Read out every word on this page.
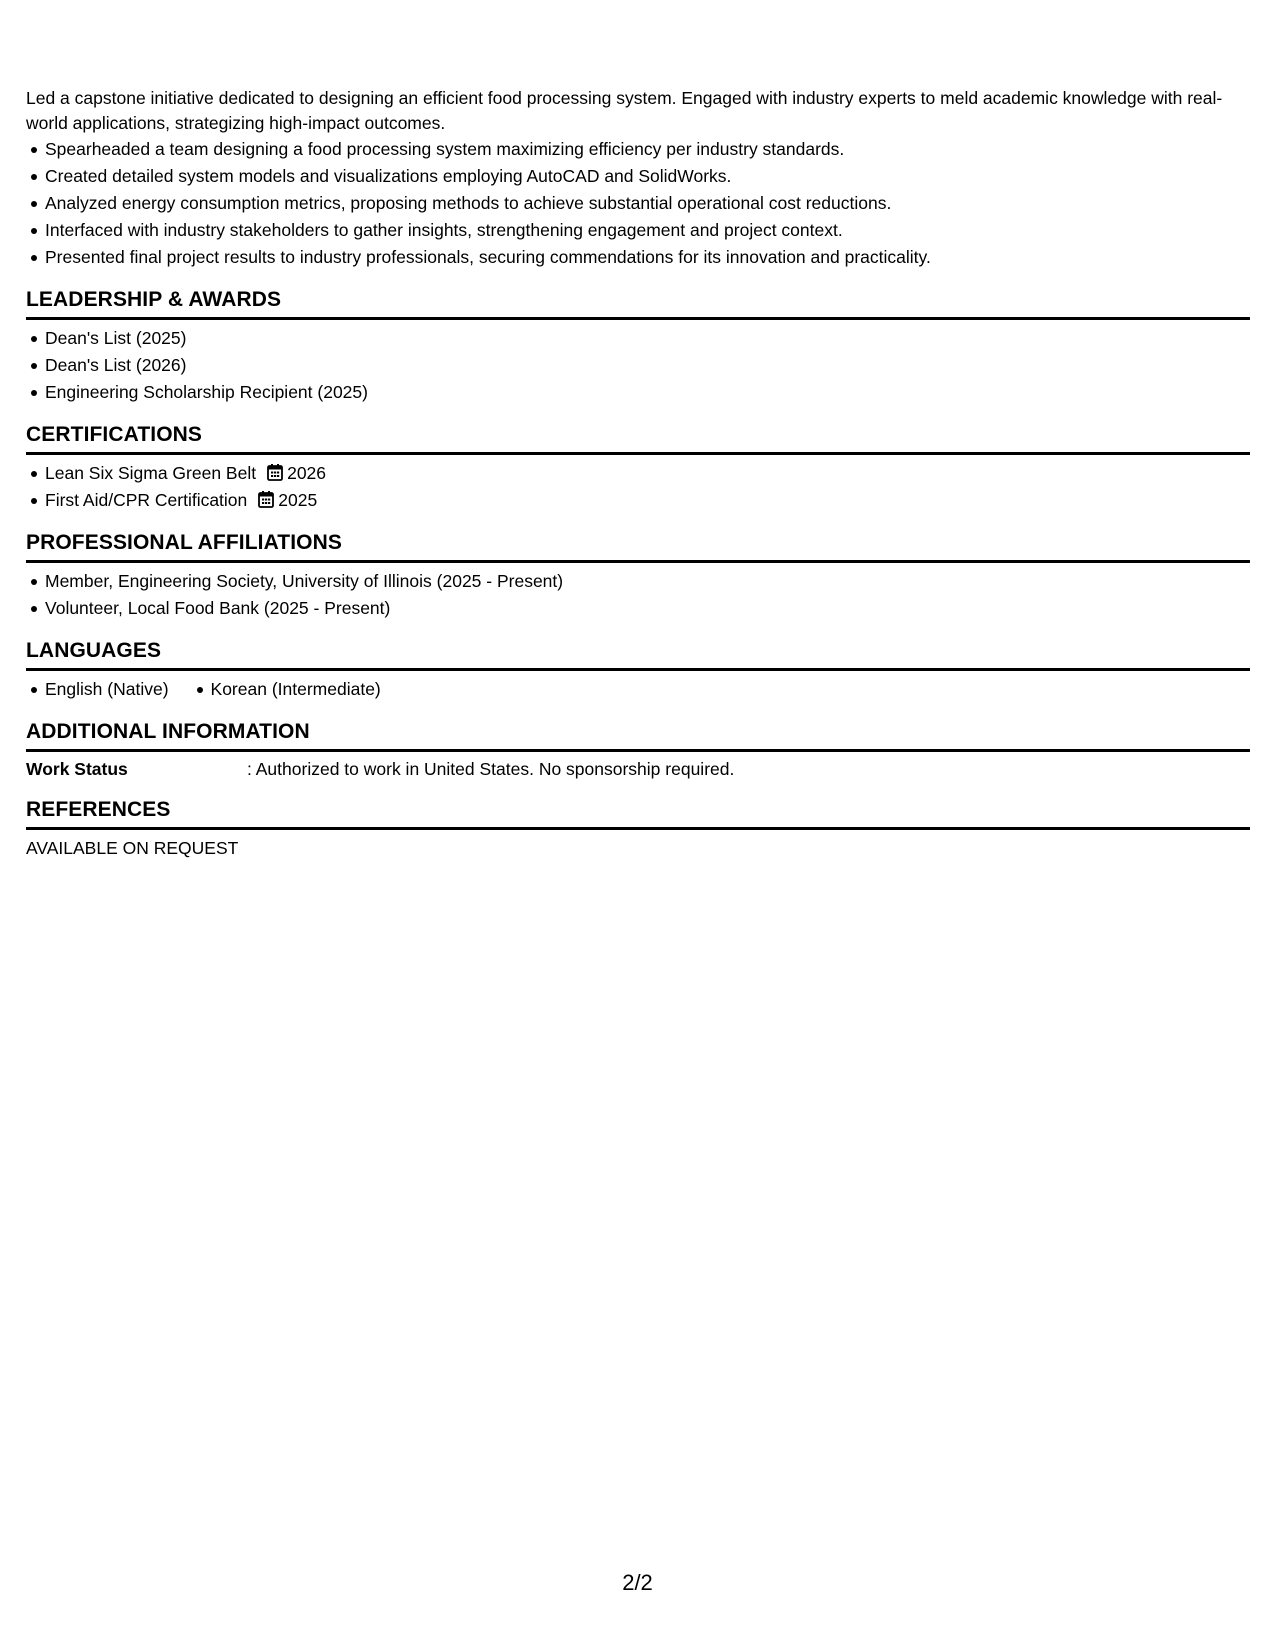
Led a capstone initiative dedicated to designing an efficient food processing system. Engaged with industry experts to meld academic knowledge with real-world applications, strategizing high-impact outcomes.

Spearheaded a team designing a food processing system maximizing efficiency per industry standards.
Created detailed system models and visualizations employing AutoCAD and SolidWorks.
Analyzed energy consumption metrics, proposing methods to achieve substantial operational cost reductions.
Interfaced with industry stakeholders to gather insights, strengthening engagement and project context.
Presented final project results to industry professionals, securing commendations for its innovation and practicality.
LEADERSHIP & AWARDS
Dean's List (2025)
Dean's List (2026)
Engineering Scholarship Recipient (2025)
CERTIFICATIONS
Lean Six Sigma Green Belt 2026
First Aid/CPR Certification 2025
PROFESSIONAL AFFILIATIONS
Member, Engineering Society, University of Illinois (2025 - Present)
Volunteer, Local Food Bank (2025 - Present)
LANGUAGES
English (Native) Korean (Intermediate)
ADDITIONAL INFORMATION
Work Status	: Authorized to work in United States. No sponsorship required.
REFERENCES
AVAILABLE ON REQUEST
2/2
